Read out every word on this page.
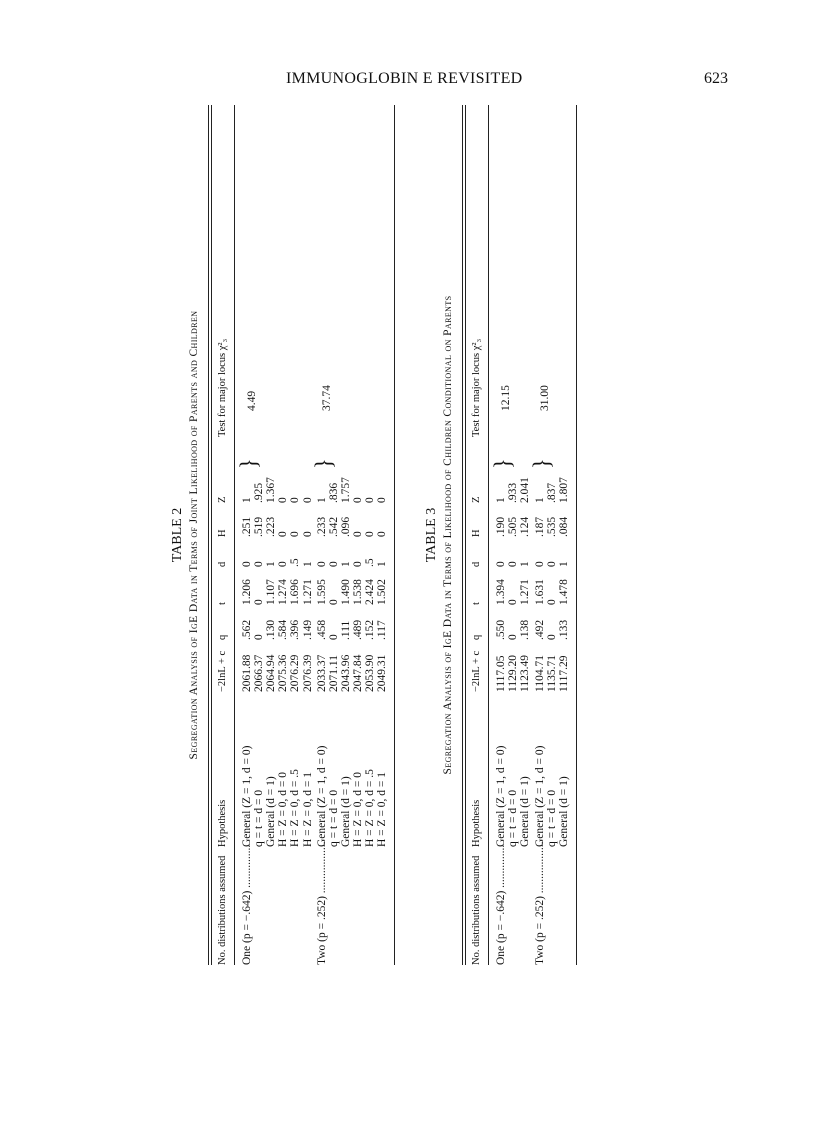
IMMUNOGLOBIN E REVISITED	623
TABLE 2 Segregation Analysis of IgE Data in Terms of Joint Likelihood of Parents and Children
No. distributions assumed
Hypothesis
−2lnL + c
q
t
d
H
Z
Test for major locus χ²₃
One (p = −.642) ...............
General (Z = 1, d = 0)
2061.88
.562
1.206
0
.251
1
q = t = d = 0
2066.37
0
0
0
.519
.925
General (d = 1)
2064.94
.130
1.107
1
.223
1.367
H = Z = 0, d = 0
2075.36
.584
1.274
0
0
0
H = Z = 0, d = .5
2076.29
.396
1.696
.5
0
0
H = Z = 0, d = 1
2076.39
.149
1.271
1
0
0
}
4.49
Two (p = .252) ..................
General (Z = 1, d = 0)
2033.37
.458
1.595
0
.233
1
q = t = d = 0
2071.11
0
0
0
.542
.836
General (d = 1)
2043.96
.111
1.490
1
.096
1.757
H = Z = 0, d = 0
2047.84
.489
1.538
0
0
0
H = Z = 0, d = .5
2053.90
.152
2.424
.5
0
0
H = Z = 0, d = 1
2049.31
.117
1.502
1
0
0
}
37.74
TABLE 3 Segregation Analysis of IgE Data in Terms of Likelihood of Children Conditional on Parents
No. distributions assumed
Hypothesis
−2lnL + c
q
t
d
H
Z
Test for major locus χ²₃
One (p = −.642) ...............
General (Z = 1, d = 0)
1117.05
.550
1.394
0
.190
1
q = t = d = 0
1129.20
0
0
0
.505
.933
General (d = 1)
1123.49
.138
1.271
1
.124
2.041
}
12.15
Two (p = .252) ..................
General (Z = 1, d = 0)
1104.71
.492
1.631
0
.187
1
q = t = d = 0
1135.71
0
0
0
.535
.837
General (d = 1)
1117.29
.133
1.478
1
.084
1.807
}
31.00
